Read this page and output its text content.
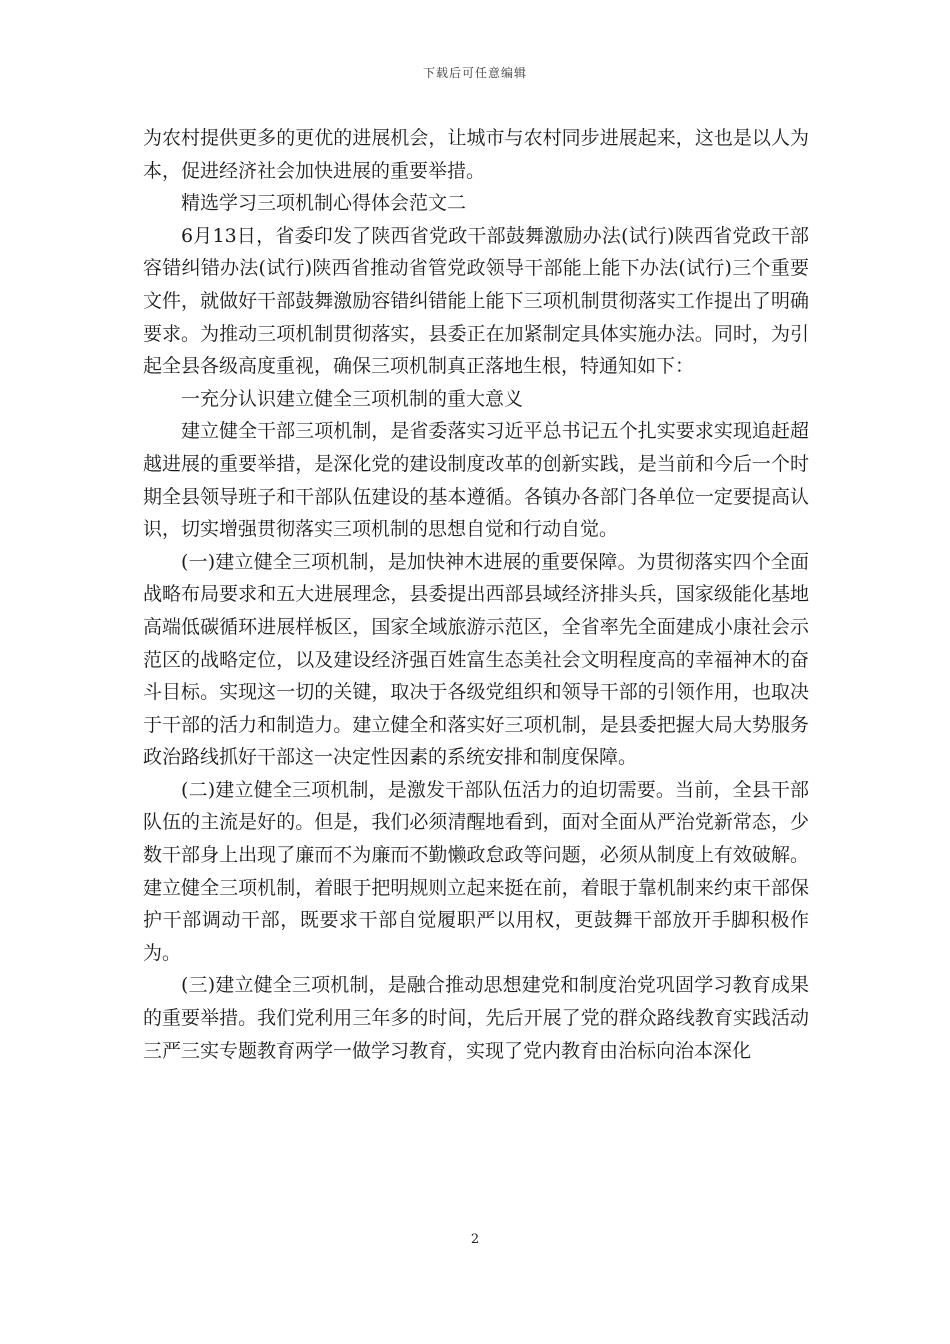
下载后可任意编辑

为农村提供更多的更优的进展机会，让城市与农村同步进展起来，这也是以人为本，促进经济社会加快进展的重要举措。

精选学习三项机制心得体会范文二

6月13日，省委印发了陕西省党政干部鼓舞激励办法(试行)陕西省党政干部容错纠错办法(试行)陕西省推动省管党政领导干部能上能下办法(试行)三个重要文件，就做好干部鼓舞激励容错纠错能上能下三项机制贯彻落实工作提出了明确要求。为推动三项机制贯彻落实，县委正在加紧制定具体实施办法。同时，为引起全县各级高度重视，确保三项机制真正落地生根，特通知如下：

一充分认识建立健全三项机制的重大意义

建立健全干部三项机制，是省委落实习近平总书记五个扎实要求实现追赶超越进展的重要举措，是深化党的建设制度改革的创新实践，是当前和今后一个时期全县领导班子和干部队伍建设的基本遵循。各镇办各部门各单位一定要提高认识，切实增强贯彻落实三项机制的思想自觉和行动自觉。

(一)建立健全三项机制，是加快神木进展的重要保障。为贯彻落实四个全面战略布局要求和五大进展理念，县委提出西部县域经济排头兵，国家级能化基地高端低碳循环进展样板区，国家全域旅游示范区，全省率先全面建成小康社会示范区的战略定位，以及建设经济强百姓富生态美社会文明程度高的幸福神木的奋斗目标。实现这一切的关键，取决于各级党组织和领导干部的引领作用，也取决于干部的活力和制造力。建立健全和落实好三项机制，是县委把握大局大势服务政治路线抓好干部这一决定性因素的系统安排和制度保障。

(二)建立健全三项机制，是激发干部队伍活力的迫切需要。当前，全县干部队伍的主流是好的。但是，我们必须清醒地看到，面对全面从严治党新常态，少数干部身上出现了廉而不为廉而不勤懒政怠政等问题，必须从制度上有效破解。建立健全三项机制，着眼于把明规则立起来挺在前，着眼于靠机制来约束干部保护干部调动干部，既要求干部自觉履职严以用权，更鼓舞干部放开手脚积极作为。

(三)建立健全三项机制，是融合推动思想建党和制度治党巩固学习教育成果的重要举措。我们党利用三年多的时间，先后开展了党的群众路线教育实践活动三严三实专题教育两学一做学习教育，实现了党内教育由治标向治本深化

2
